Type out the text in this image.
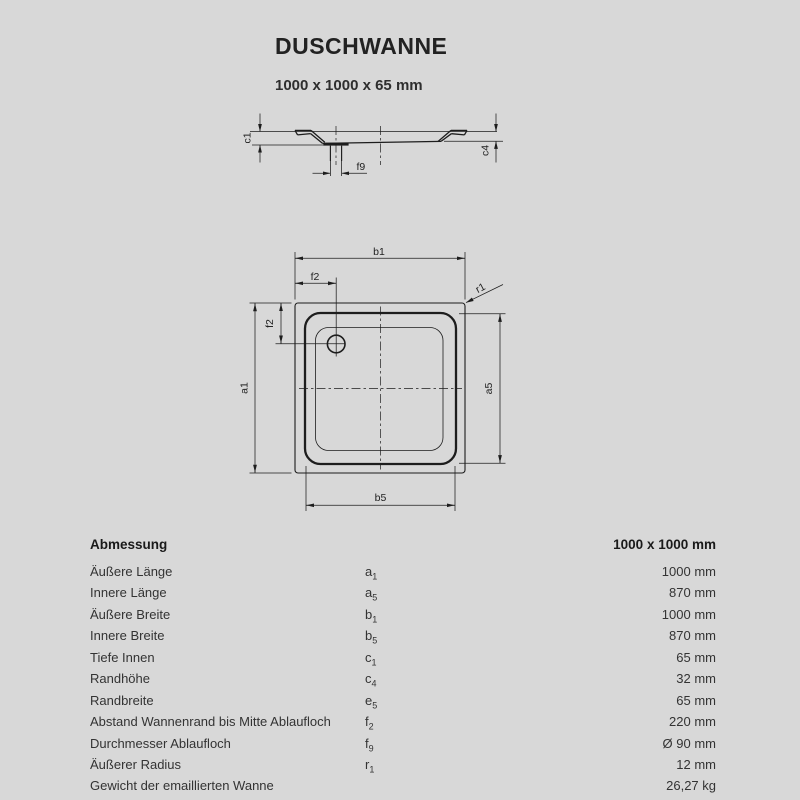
DUSCHWANNE
1000 x 1000 x 65 mm
c1
c4
f9
b1
f2
r1
a1
f2
a5
b5
Abmessung	1000 x 1000 mm
Äußere Länge	$a_1$	1000 mm
Innere Länge	$a_5$	870 mm
Äußere Breite	$b_1$	1000 mm
Innere Breite	$b_5$	870 mm
Tiefe Innen	$c_1$	65 mm
Randhöhe	$c_4$	32 mm
Randbreite	$e_5$	65 mm
Abstand Wannenrand bis Mitte Ablaufloch	$f_2$	220 mm
Durchmesser Ablaufloch	$f_9$	Ø 90 mm
Äußerer Radius	$r_1$	12 mm
Gewicht der emaillierten Wanne	26,27 kg
